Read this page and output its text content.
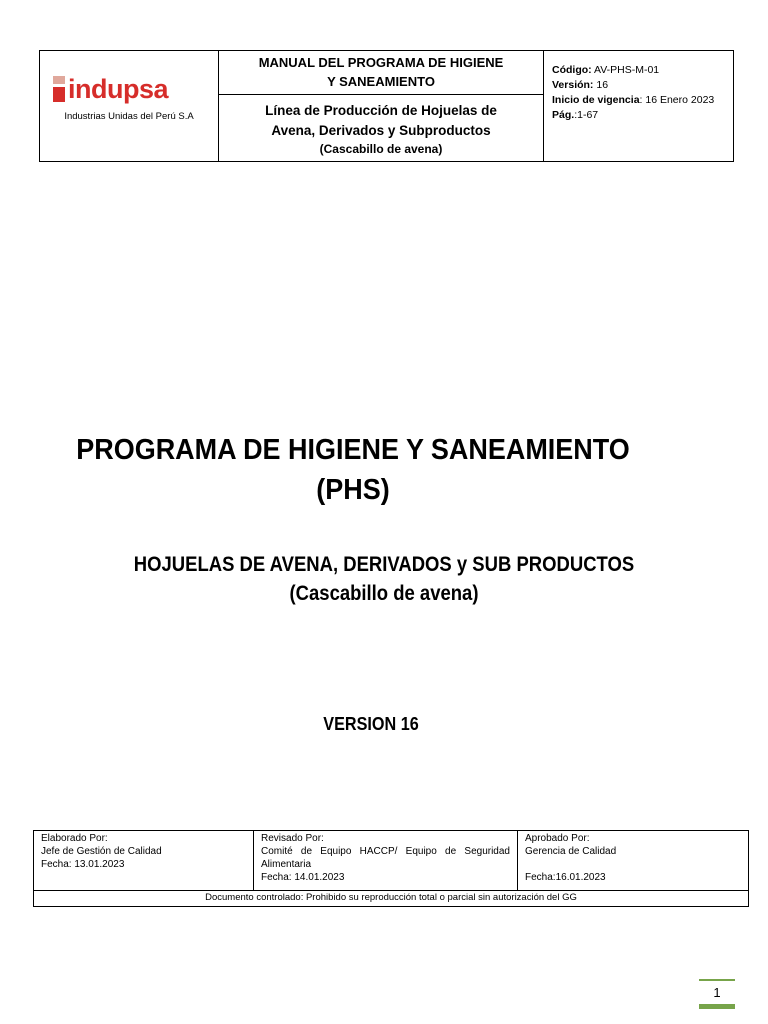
indupsa
Industrias Unidas del Perú S.A
MANUAL DEL PROGRAMA DE HIGIENE
Y SANEAMIENTO
Línea de Producción de Hojuelas de
Avena, Derivados y Subproductos
(Cascabillo de avena)
Código: AV-PHS-M-01
Versión: 16
Inicio de vigencia: 16 Enero 2023
Pág.:1-67
PROGRAMA DE HIGIENE Y SANEAMIENTO
(PHS)
HOJUELAS DE AVENA, DERIVADOS y SUB PRODUCTOS
(Cascabillo de avena)
VERSION 16
Elaborado Por:
Jefe de Gestión de Calidad
Fecha: 13.01.2023
Revisado Por:
Comité de Equipo HACCP/ Equipo de Seguridad
Alimentaria
Fecha: 14.01.2023
Aprobado Por:
Gerencia de Calidad
Fecha:16.01.2023
Documento controlado: Prohibido su reproducción total o parcial sin autorización del GG
1
